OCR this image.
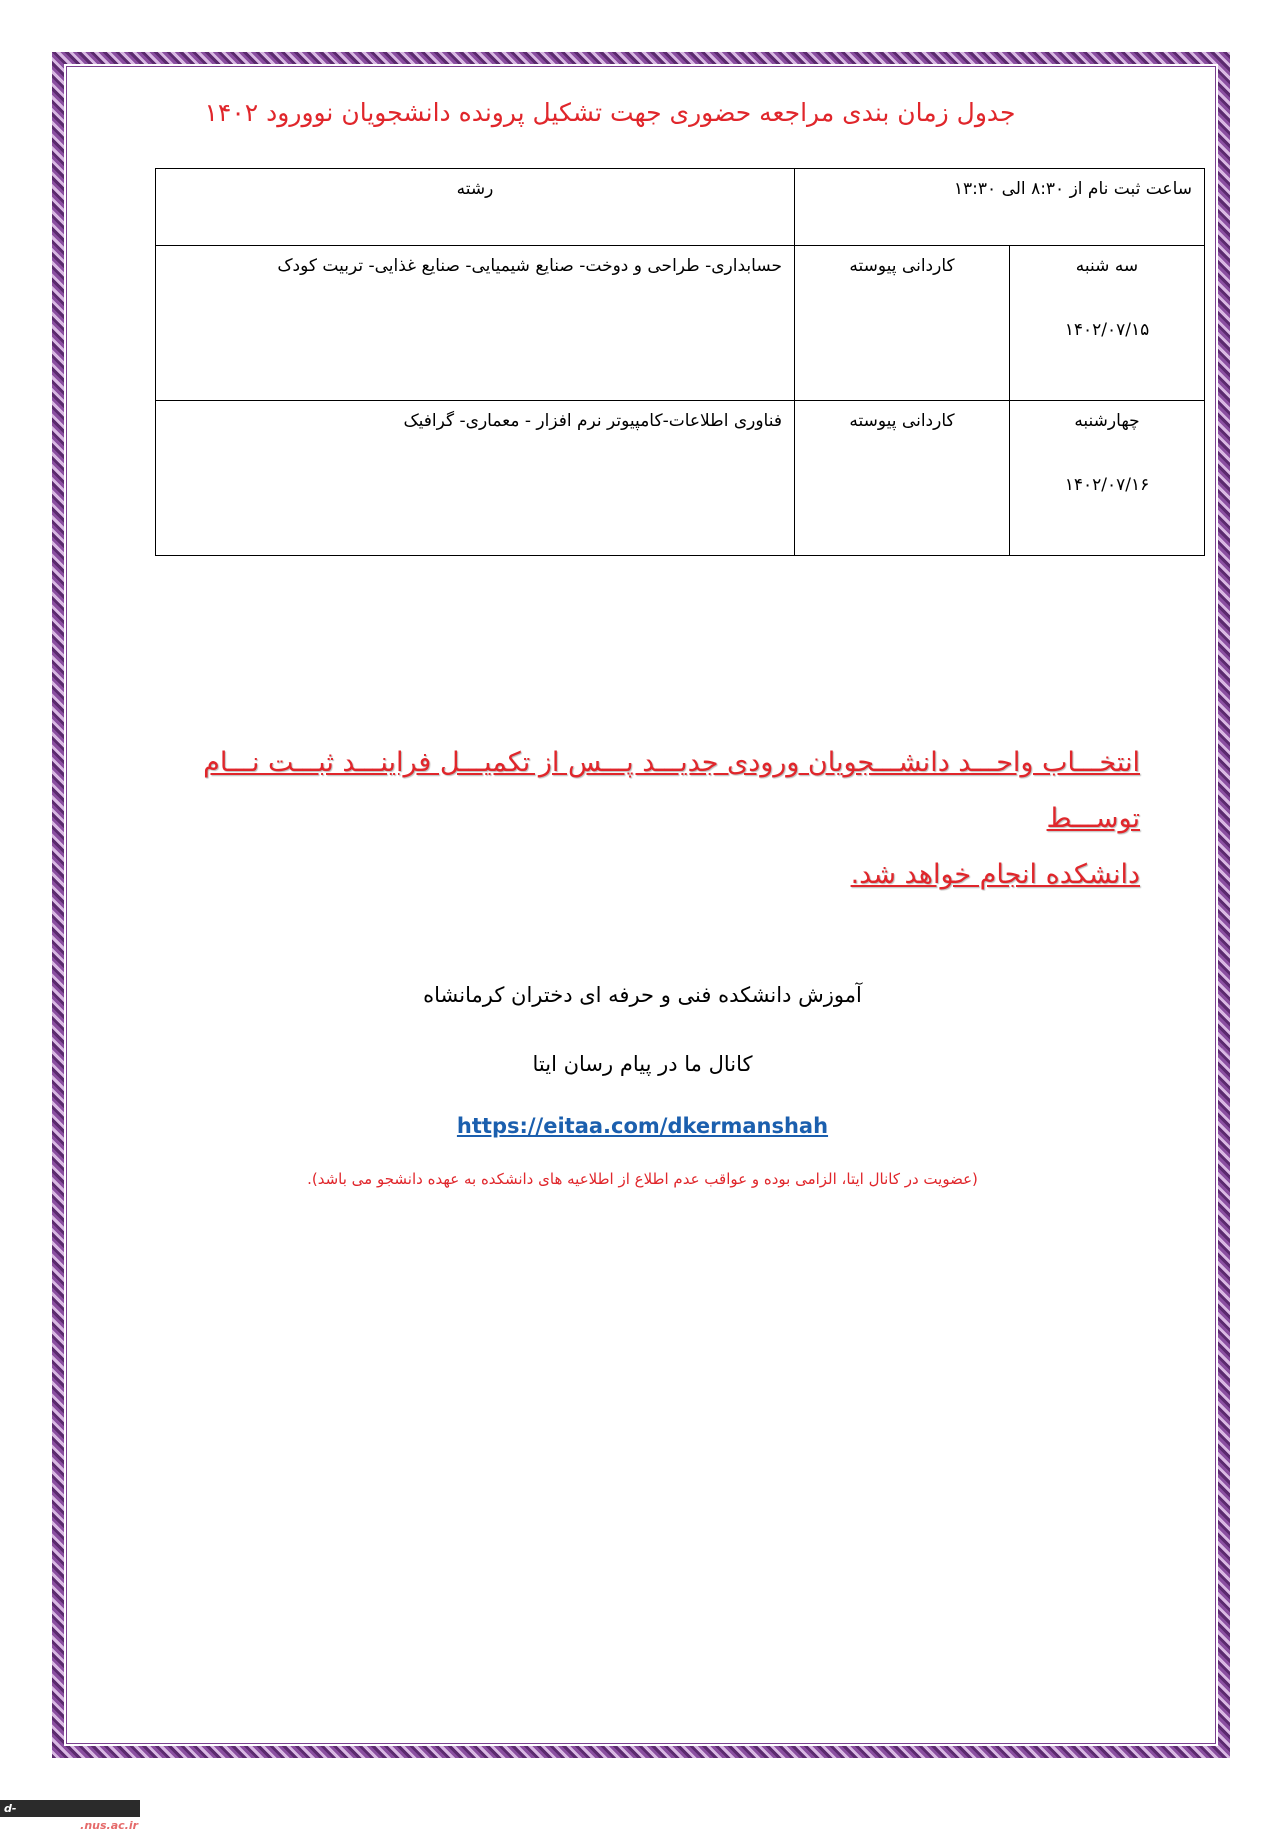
جدول زمان بندی مراجعه حضوری جهت تشکیل پرونده دانشجویان نوورود ۱۴۰۲
ساعت ثبت نام از ۸:۳۰ الی ۱۳:۳۰		رشته
سه شنبه
۱۴۰۲/۰۷/۱۵	کاردانی پیوسته	حسابداری- طراحی و دوخت- صنایع شیمیایی- صنایع غذایی- تربیت کودک
چهارشنبه
۱۴۰۲/۰۷/۱۶	کاردانی پیوسته	فناوری اطلاعات-کامپیوتر نرم افزار - معماری- گرافیک
انتخـــاب واحـــد دانشـــجویان ورودی جدیـــد پـــس از تکمیـــل فراینـــد ثبـــت نـــام توســـط
دانشکده انجام خواهد شد.
آموزش دانشکده فنی و حرفه ای دختران کرمانشاه
کانال ما در پیام رسان ایتا
https://eitaa.com/dkermanshah
(عضویت در کانال ایتا، الزامی بوده و عواقب عدم اطلاع از اطلاعیه های دانشکده به عهده دانشجو می باشد).
d-kermanshah.nus.ac.ir
